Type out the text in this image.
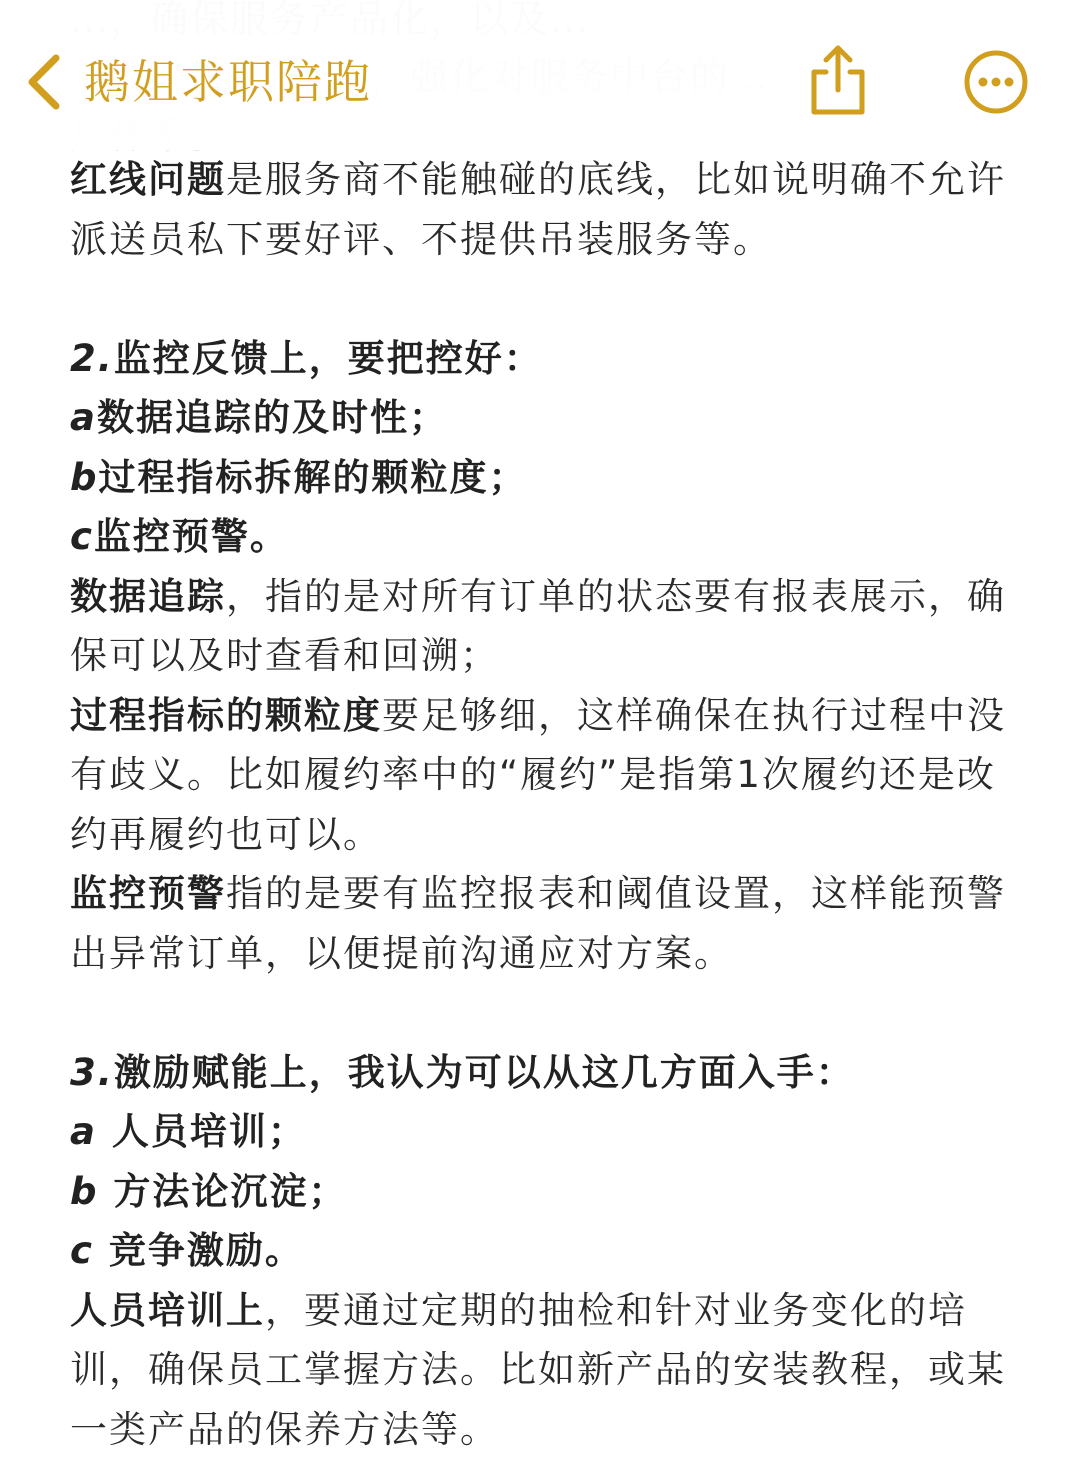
鹅姐求职陪跑

红线问题是服务商不能触碰的底线，比如说明确不允许派送员私下要好评、不提供吊装服务等。

2.监控反馈上，要把控好：

a数据追踪的及时性；

b过程指标拆解的颗粒度；

c监控预警。

数据追踪，指的是对所有订单的状态要有报表展示，确保可以及时查看和回溯；

过程指标的颗粒度要足够细，这样确保在执行过程中没有歧义。比如履约率中的“履约”是指第1次履约还是改约再履约也可以。

监控预警指的是要有监控报表和阈值设置，这样能预警出异常订单，以便提前沟通应对方案。

3.激励赋能上，我认为可以从这几方面入手：

a 人员培训；

b 方法论沉淀；

c 竞争激励。

人员培训上，要通过定期的抽检和针对业务变化的培训，确保员工掌握方法。比如新产品的安装教程，或某一类产品的保养方法等。
